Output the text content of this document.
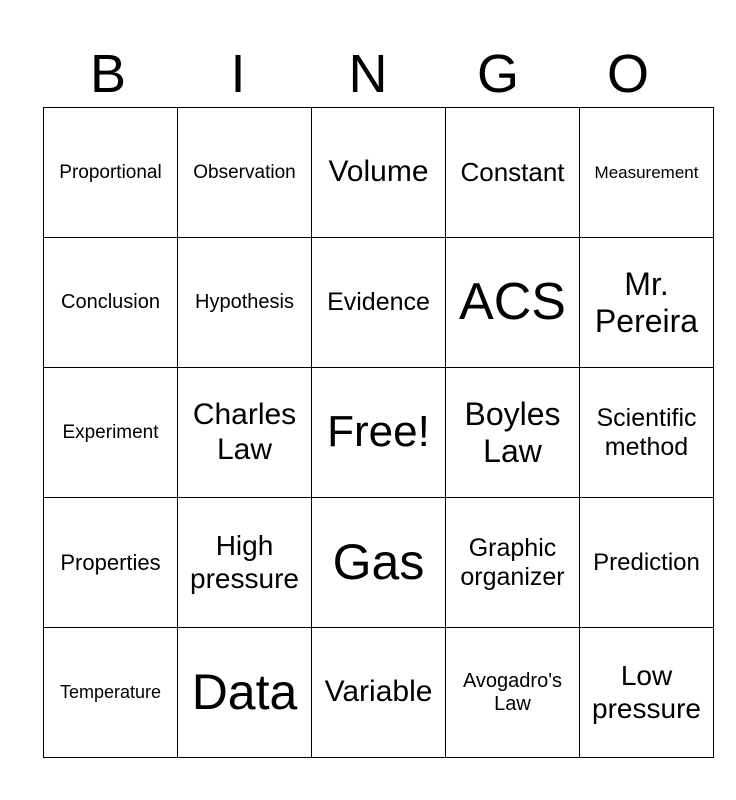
B	I	N	G	O
Proportional	Observation	Volume	Constant	Measurement
Conclusion	Hypothesis	Evidence	ACS	Mr. Pereira
Experiment	Charles Law	Free!	Boyles Law	Scientific method
Properties	High pressure	Gas	Graphic organizer	Prediction
Temperature	Data	Variable	Avogadro's Law	Low pressure
